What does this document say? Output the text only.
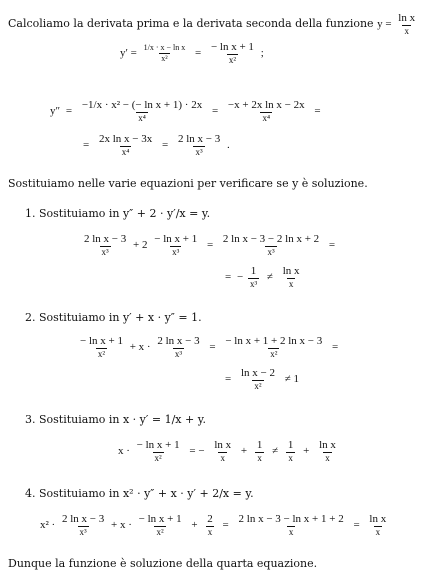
Calcoliamo la derivata prima e la derivata seconda della funzione $y = \frac{\text{ln x}}{x}$
$y' = \frac{\text{1/x · x − ln x}}{\text{x²}} = \frac{\text{− ln x + 1}}{\text{x²}}$ ;
$y'' = \frac{\text{−1/x · x² − (− ln x + 1) · 2x}}{\text{x⁴}} = \frac{\text{−x + 2x ln x − 2x}}{\text{x⁴}}$ =
= $\frac{\text{2x ln x − 3x}}{\text{x⁴}} = \frac{\text{2 ln x − 3}}{\text{x³}}$ .
Sostituiamo nelle varie equazioni per verificare se y è soluzione.
1. Sostituiamo in y″ + 2 · y′/x = y.
$\frac{\text{2 ln x − 3}}{\text{x³}} + 2 \frac{\text{− ln x + 1}}{\text{x³}} = \frac{\text{2 ln x − 3 − 2 ln x + 2}}{\text{x³}}$ =
= − $\frac{1}{\text{x³}} \ne \frac{\text{ln x}}{x}$
2. Sostituiamo in y′ + x · y″ = 1.
$\frac{\text{− ln x + 1}}{\text{x²}} + x \cdot \frac{\text{2 ln x − 3}}{\text{x³}} = \frac{\text{− ln x + 1 + 2 ln x − 3}}{\text{x²}}$ =
= $\frac{\text{ln x − 2}}{\text{x²}} \ne 1$
3. Sostituiamo in x · y′ = 1/x + y.
$x \cdot \frac{\text{− ln x + 1}}{\text{x²}}$ = − $\frac{\text{ln x}}{x} + \frac{1}{x} \ne \frac{1}{x} + \frac{\text{ln x}}{x}$
4. Sostituiamo in x² · y″ + x · y′ + 2/x = y.
$x^2 \cdot \frac{\text{2 ln x − 3}}{\text{x³}} + x \cdot \frac{\text{− ln x + 1}}{\text{x²}} + \frac{2}{x} = \frac{\text{2 ln x − 3 − ln x + 1 + 2}}{x} = \frac{\text{ln x}}{x}$
Dunque la funzione è soluzione della quarta equazione.
